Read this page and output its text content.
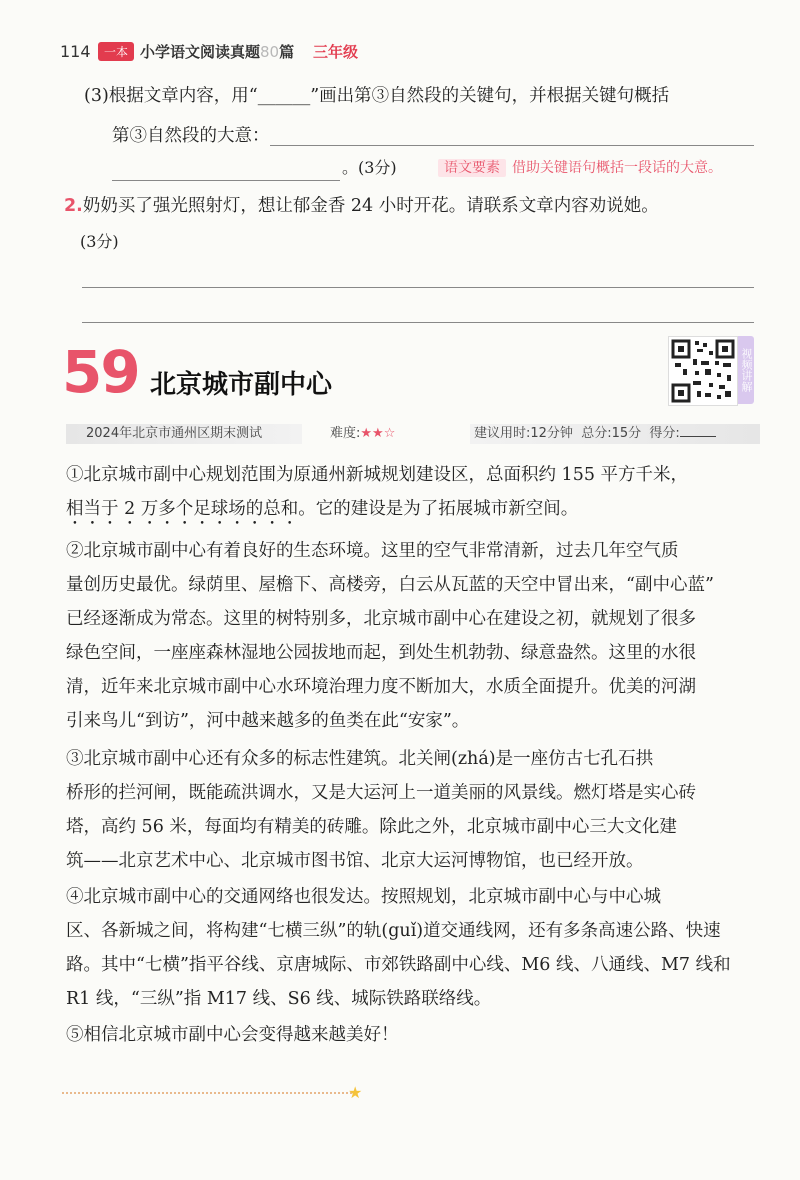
114	一本 小学语文阅读真题80篇 三年级
(3)根据文章内容，用“______”画出第③自然段的关键句，并根据关键句概括
第③自然段的大意：
。(3分)	语文要素 借助关键语句概括一段话的大意。
2.奶奶买了强光照射灯，想让郁金香 24 小时开花。请联系文章内容劝说她。
(3分)
59 北京城市副中心	视频讲解
2024年北京市通州区期末测试	难度:★★☆	建议用时:12分钟 总分:15分 得分:

①北京城市副中心规划范围为原通州新城规划建设区，总面积约 155 平方千米，

相当于 2 万多个足球场的总和。它的建设是为了拓展城市新空间。

②北京城市副中心有着良好的生态环境。这里的空气非常清新，过去几年空气质

量创历史最优。绿荫里、屋檐下、高楼旁，白云从瓦蓝的天空中冒出来，“副中心蓝”

已经逐渐成为常态。这里的树特别多，北京城市副中心在建设之初，就规划了很多

绿色空间，一座座森林湿地公园拔地而起，到处生机勃勃、绿意盎然。这里的水很

清，近年来北京城市副中心水环境治理力度不断加大，水质全面提升。优美的河湖

引来鸟儿“到访”，河中越来越多的鱼类在此“安家”。

③北京城市副中心还有众多的标志性建筑。北关闸(zhá)是一座仿古七孔石拱

桥形的拦河闸，既能疏洪调水，又是大运河上一道美丽的风景线。燃灯塔是实心砖

塔，高约 56 米，每面均有精美的砖雕。除此之外，北京城市副中心三大文化建

筑——北京艺术中心、北京城市图书馆、北京大运河博物馆，也已经开放。

④北京城市副中心的交通网络也很发达。按照规划，北京城市副中心与中心城

区、各新城之间，将构建“七横三纵”的轨(guǐ)道交通线网，还有多条高速公路、快速

路。其中“七横”指平谷线、京唐城际、市郊铁路副中心线、M6 线、八通线、M7 线和

R1 线，“三纵”指 M17 线、S6 线、城际铁路联络线。

⑤相信北京城市副中心会变得越来越美好！

★
